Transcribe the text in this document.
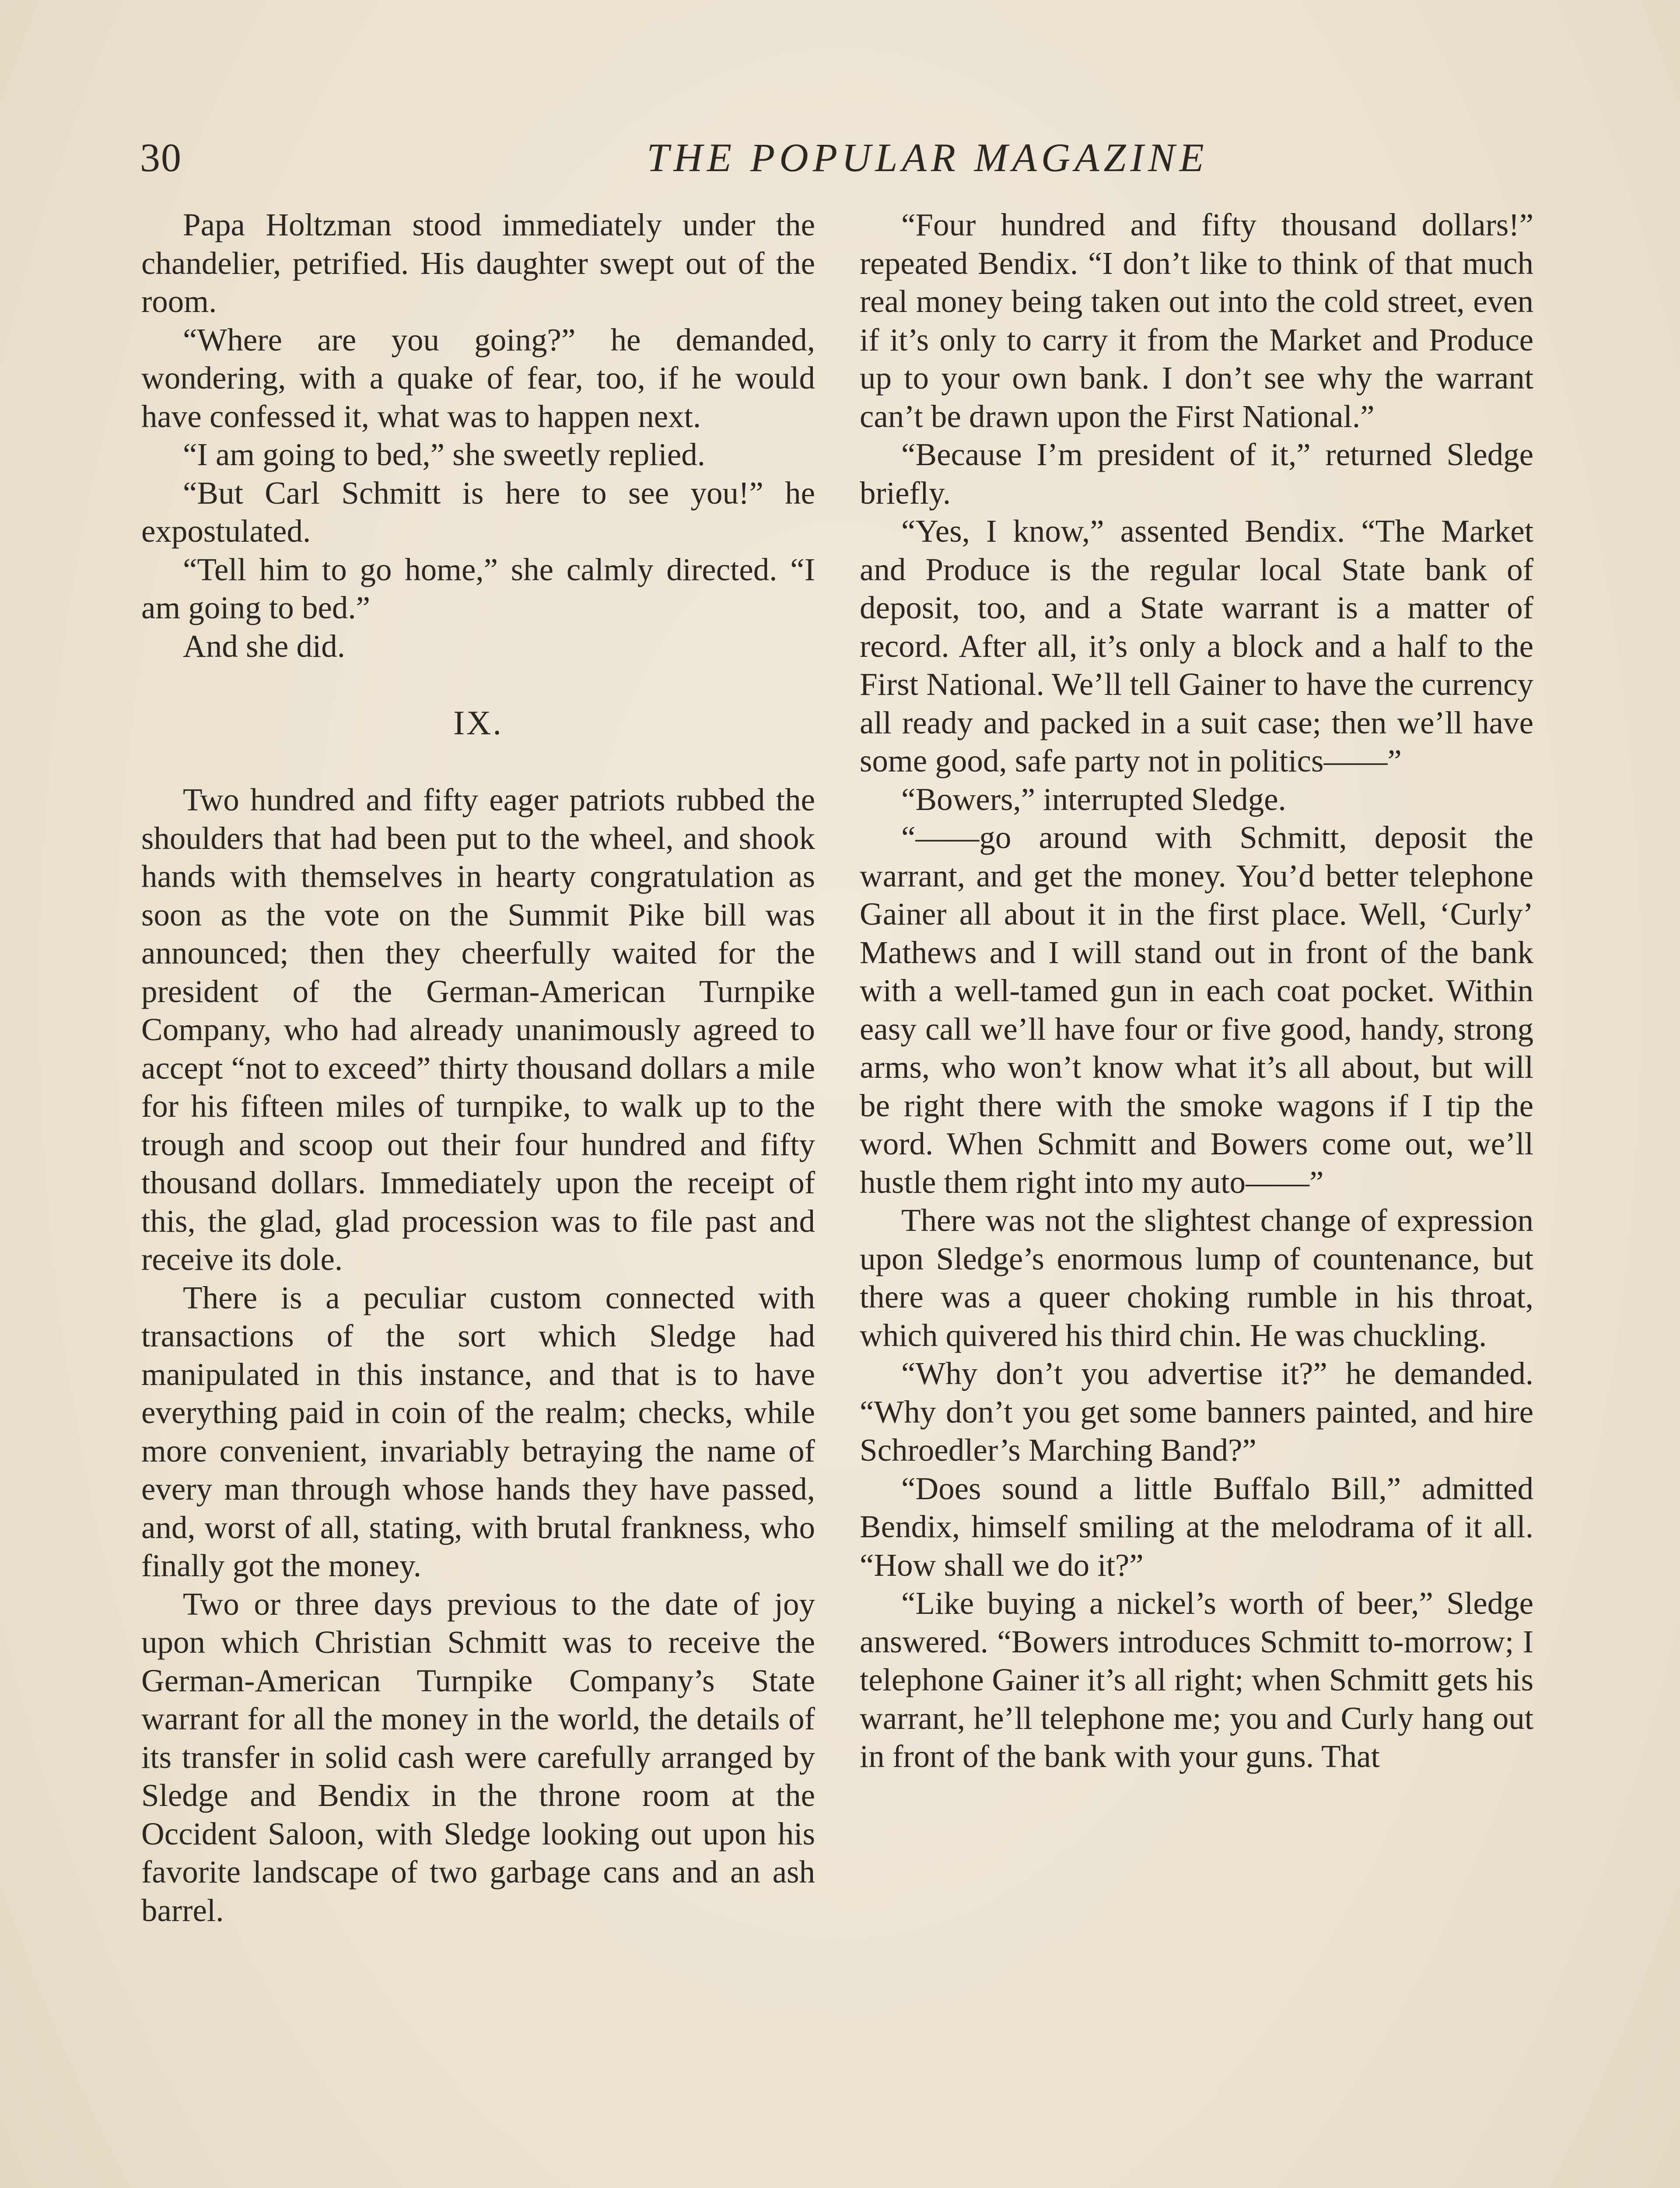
30	THE POPULAR MAGAZINE

Papa Holtzman stood immediately under the chandelier, petrified. His daughter swept out of the room.

“Where are you going?” he demanded, wondering, with a quake of fear, too, if he would have confessed it, what was to happen next.

“I am going to bed,” she sweetly replied.

“But Carl Schmitt is here to see you!” he expostulated.

“Tell him to go home,” she calmly directed. “I am going to bed.”

And she did.

IX.

Two hundred and fifty eager patriots rubbed the shoulders that had been put to the wheel, and shook hands with themselves in hearty congratulation as soon as the vote on the Summit Pike bill was announced; then they cheerfully waited for the president of the German-American Turnpike Company, who had already unanimously agreed to accept “not to exceed” thirty thousand dollars a mile for his fifteen miles of turnpike, to walk up to the trough and scoop out their four hundred and fifty thousand dollars. Immediately upon the receipt of this, the glad, glad procession was to file past and receive its dole.

There is a peculiar custom connected with transactions of the sort which Sledge had manipulated in this instance, and that is to have everything paid in coin of the realm; checks, while more convenient, invariably betraying the name of every man through whose hands they have passed, and, worst of all, stating, with brutal frankness, who finally got the money.

Two or three days previous to the date of joy upon which Christian Schmitt was to receive the German-American Turnpike Company’s State warrant for all the money in the world, the details of its transfer in solid cash were carefully arranged by Sledge and Bendix in the throne room at the Occident Saloon, with Sledge looking out upon his favorite landscape of two garbage cans and an ash barrel.

“Four hundred and fifty thousand dollars!” repeated Bendix. “I don’t like to think of that much real money being taken out into the cold street, even if it’s only to carry it from the Market and Produce up to your own bank. I don’t see why the warrant can’t be drawn upon the First National.”

“Because I’m president of it,” returned Sledge briefly.

“Yes, I know,” assented Bendix. “The Market and Produce is the regular local State bank of deposit, too, and a State warrant is a matter of record. After all, it’s only a block and a half to the First National. We’ll tell Gainer to have the currency all ready and packed in a suit case; then we’ll have some good, safe party not in politics——”

“Bowers,” interrupted Sledge.

“——go around with Schmitt, deposit the warrant, and get the money. You’d better telephone Gainer all about it in the first place. Well, ‘Curly’ Mathews and I will stand out in front of the bank with a well-tamed gun in each coat pocket. Within easy call we’ll have four or five good, handy, strong arms, who won’t know what it’s all about, but will be right there with the smoke wagons if I tip the word. When Schmitt and Bowers come out, we’ll hustle them right into my auto——”

There was not the slightest change of expression upon Sledge’s enormous lump of countenance, but there was a queer choking rumble in his throat, which quivered his third chin. He was chuckling.

“Why don’t you advertise it?” he demanded. “Why don’t you get some banners painted, and hire Schroedler’s Marching Band?”

“Does sound a little Buffalo Bill,” admitted Bendix, himself smiling at the melodrama of it all. “How shall we do it?”

“Like buying a nickel’s worth of beer,” Sledge answered. “Bowers introduces Schmitt to-morrow; I telephone Gainer it’s all right; when Schmitt gets his warrant, he’ll telephone me; you and Curly hang out in front of the bank with your guns. That
